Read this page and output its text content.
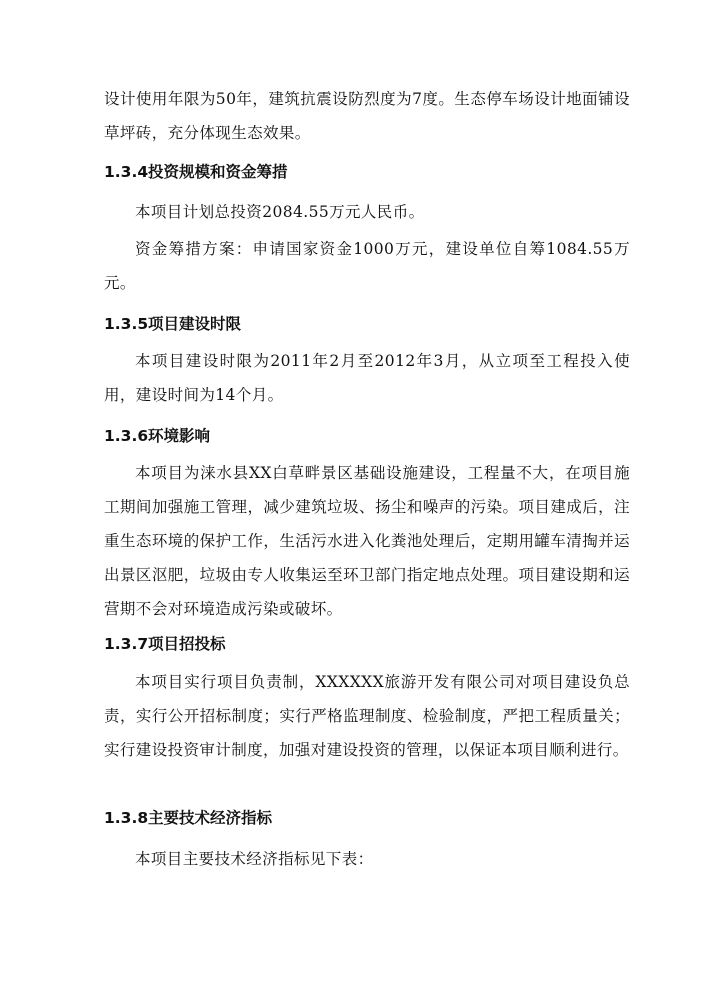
设计使用年限为50年，建筑抗震设防烈度为7度。生态停车场设计地面铺设草坪砖，充分体现生态效果。

1.3.4投资规模和资金筹措

本项目计划总投资2084.55万元人民币。

资金筹措方案：申请国家资金1000万元，建设单位自筹1084.55万元。

1.3.5项目建设时限

本项目建设时限为2011年2月至2012年3月，从立项至工程投入使用，建设时间为14个月。

1.3.6环境影响

本项目为涞水县XX白草畔景区基础设施建设，工程量不大，在项目施工期间加强施工管理，减少建筑垃圾、扬尘和噪声的污染。项目建成后，注重生态环境的保护工作，生活污水进入化粪池处理后，定期用罐车清掏并运出景区沤肥，垃圾由专人收集运至环卫部门指定地点处理。项目建设期和运营期不会对环境造成污染或破坏。

1.3.7项目招投标

本项目实行项目负责制，XXXXXX旅游开发有限公司对项目建设负总责，实行公开招标制度；实行严格监理制度、检验制度，严把工程质量关；实行建设投资审计制度，加强对建设投资的管理，以保证本项目顺利进行。

1.3.8主要技术经济指标

本项目主要技术经济指标见下表：
